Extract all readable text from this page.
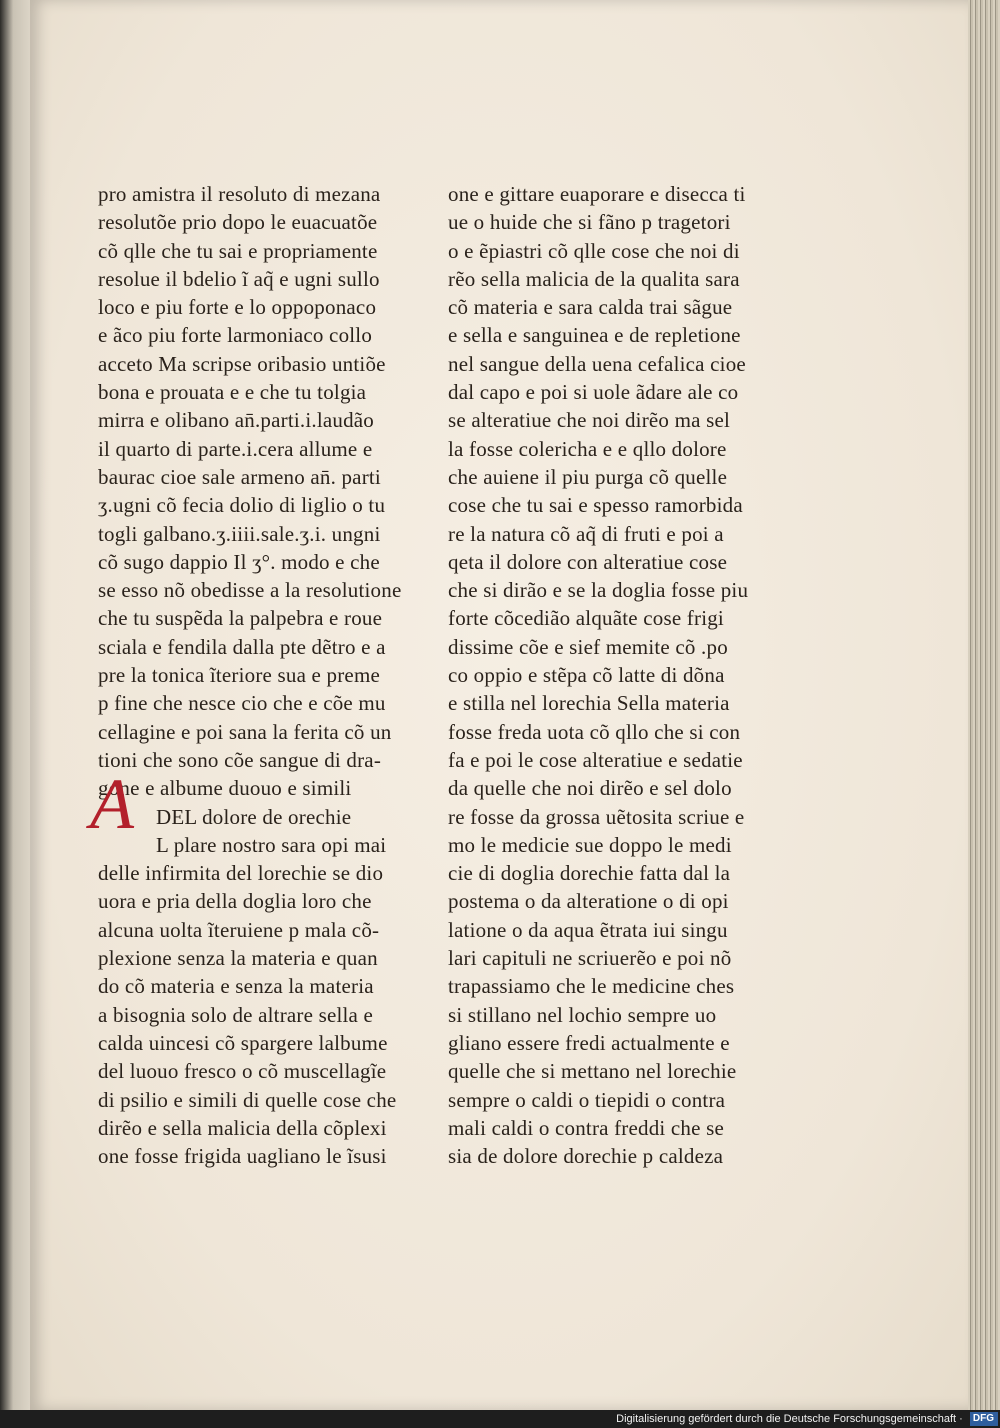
pro amistra il resoluto di mezana
resolutõe prio dopo le euacuatõe
cõ qlle che tu sai e propriamente
resolue il bdelio ĩ aq̃ e ugni sullo
loco e piu forte e lo oppoponaco
e ãco piu forte larmoniaco collo
acceto Ma scripse oribasio untiõe
bona e prouata e e che tu tolgia
mirra e olibano an̄.parti.i.laudão
il quarto di parte.i.cera allume e
baurac cioe sale armeno an̄. parti
ʒ.ugni cõ fecia dolio di liglio o tu
togli galbano.ʒ.iiii.sale.ʒ.i. ungni
cõ sugo dappio Il ʒ°. modo e che
se esso nõ obedisse a la resolutione
che tu suspẽda la palpebra e roue
sciala e fendila dalla pte dẽtro e a
pre la tonica ĩteriore sua e preme
p fine che nesce cio che e cõe mu
cellagine e poi sana la ferita cõ un
tioni che sono cõe sangue di dra-
gone e albume duouo e simili
DEL dolore de orechie
L plare nostro sara opi mai
delle infirmita del lorechie se dio
uora e pria della doglia loro che
alcuna uolta ĩteruiene p mala cõ-
plexione senza la materia e quan
do cõ materia e senza la materia
a bisognia solo de altrare sella e
calda uincesi cõ spargere lalbume
del luouo fresco o cõ muscellagĩe
di psilio e simili di quelle cose che
dirẽo e sella malicia della cõplexi
one fosse frigida uagliano le ĩsusi
A
one e gittare euaporare e disecca ti
ue o huide che si fãno p tragetori
o e ẽpiastri cõ qlle cose che noi di
rẽo sella malicia de la qualita sara
cõ materia e sara calda trai sãgue
e sella e sanguinea e de repletione
nel sangue della uena cefalica cioe
dal capo e poi si uole ãdare ale co
se alteratiue che noi dirẽo ma sel
la fosse colericha e e qllo dolore
che auiene il piu purga cõ quelle
cose che tu sai e spesso ramorbida
re la natura cõ aq̃ di fruti e poi a
qeta il dolore con alteratiue cose
che si dirão e se la doglia fosse piu
forte cõcedião alquãte cose frigi
dissime cõe e sief memite cõ .po
co oppio e stẽpa cõ latte di dõna
e stilla nel lorechia Sella materia
fosse freda uota cõ qllo che si con
fa e poi le cose alteratiue e sedatie
da quelle che noi dirẽo e sel dolo
re fosse da grossa uẽtosita scriue e
mo le medicie sue doppo le medi
cie di doglia dorechie fatta dal la
postema o da alteratione o di opi
latione o da aqua ẽtrata iui singu
lari capituli ne scriuerẽo e poi nõ
trapassiamo che le medicine ches
si stillano nel lochio sempre uo
gliano essere fredi actualmente e
quelle che si mettano nel lorechie
sempre o caldi o tiepidi o contra
mali caldi o contra freddi che se
sia de dolore dorechie p caldeza
Digitalisierung gefördert durch die Deutsche Forschungsgemeinschaft · DFG
